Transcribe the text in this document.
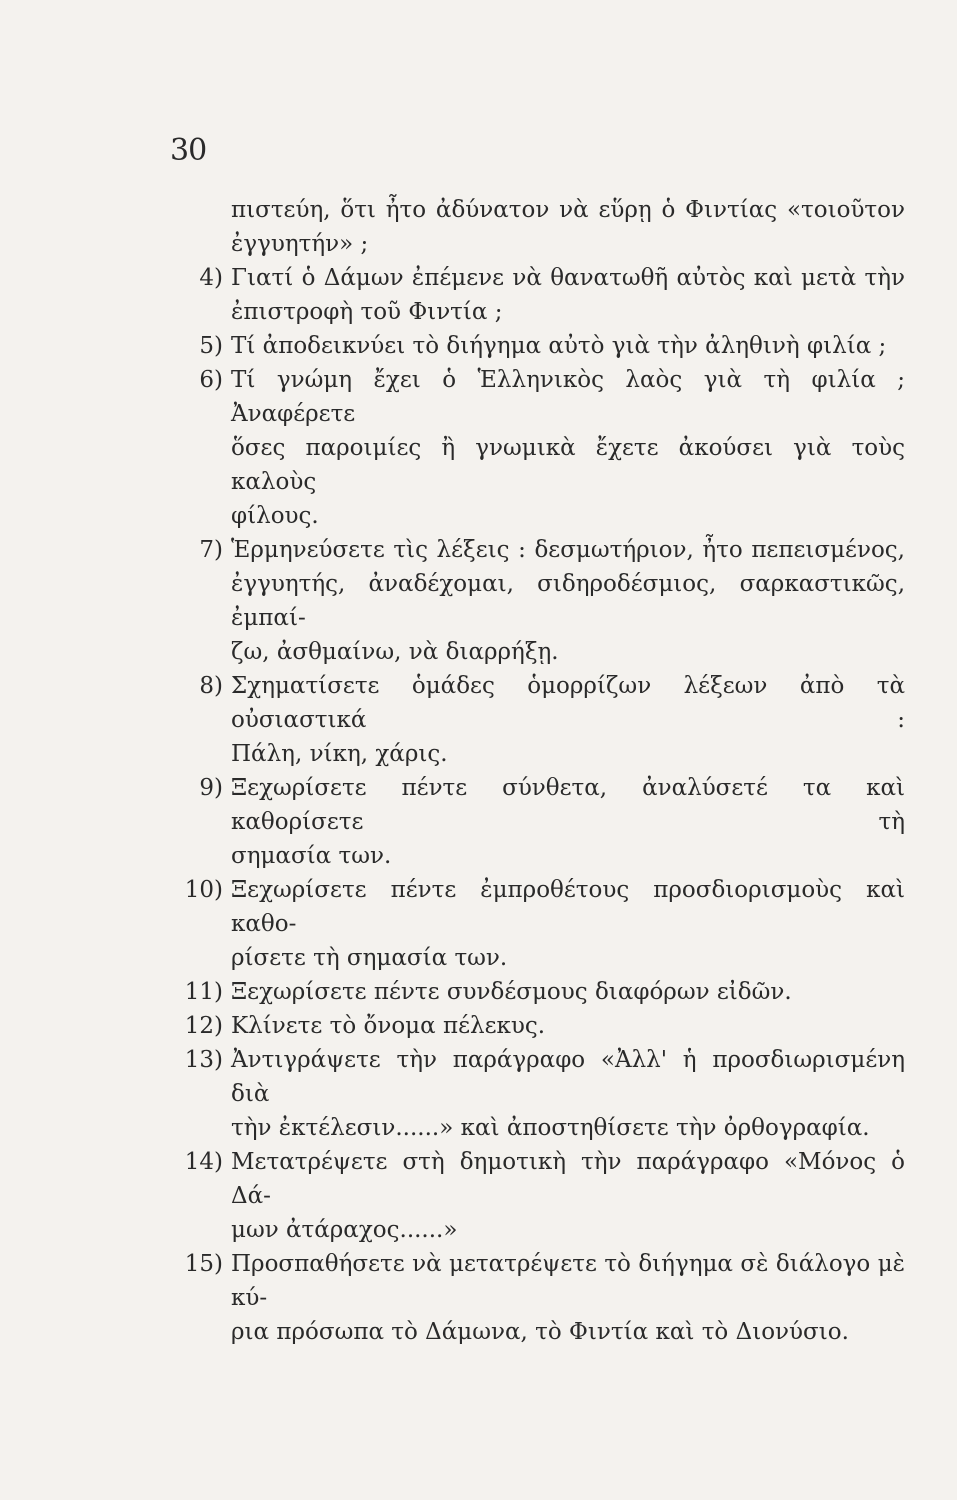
30
πιστεύη, ὅτι ἦτο ἀδύνατον νὰ εὕρῃ ὁ Φιντίας «τοιοῦτον
ἐγγυητήν» ;
4) Γιατί ὁ Δάμων ἐπέμενε νὰ θανατωθῆ αὐτὸς καὶ μετὰ τὴν
ἐπιστροφὴ τοῦ Φιντία ;
5) Τί ἀποδεικνύει τὸ διήγημα αὐτὸ γιὰ τὴν ἀληθινὴ φιλία ;
6) Τί γνώμη ἔχει ὁ Ἑλληνικὸς λαὸς γιὰ τὴ φιλία ; Ἀναφέρετε
ὅσες παροιμίες ἢ γνωμικὰ ἔχετε ἀκούσει γιὰ τοὺς καλοὺς
φίλους.
7) Ἑρμηνεύσετε τὶς λέξεις : δεσμωτήριον, ἦτο πεπεισμένος,
ἐγγυητής, ἀναδέχομαι, σιδηροδέσμιος, σαρκαστικῶς, ἐμπαί-
ζω, ἀσθμαίνω, νὰ διαρρήξῃ.
8) Σχηματίσετε ὁμάδες ὁμορρίζων λέξεων ἀπὸ τὰ οὐσιαστικά :
Πάλη, νίκη, χάρις.
9) Ξεχωρίσετε πέντε σύνθετα, ἀναλύσετέ τα καὶ καθορίσετε τὴ
σημασία των.
10) Ξεχωρίσετε πέντε ἐμπροθέτους προσδιορισμοὺς καὶ καθο-
ρίσετε τὴ σημασία των.
11) Ξεχωρίσετε πέντε συνδέσμους διαφόρων εἰδῶν.
12) Κλίνετε τὸ ὄνομα πέλεκυς.
13) Ἀντιγράψετε τὴν παράγραφο «Ἀλλ' ἡ προσδιωρισμένη διὰ
τὴν ἐκτέλεσιν......» καὶ ἀποστηθίσετε τὴν ὀρθογραφία.
14) Μετατρέψετε στὴ δημοτικὴ τὴν παράγραφο «Μόνος ὁ Δά-
μων ἀτάραχος......»
15) Προσπαθήσετε νὰ μετατρέψετε τὸ διήγημα σὲ διάλογο μὲ κύ-
ρια πρόσωπα τὸ Δάμωνα, τὸ Φιντία καὶ τὸ Διονύσιο.
